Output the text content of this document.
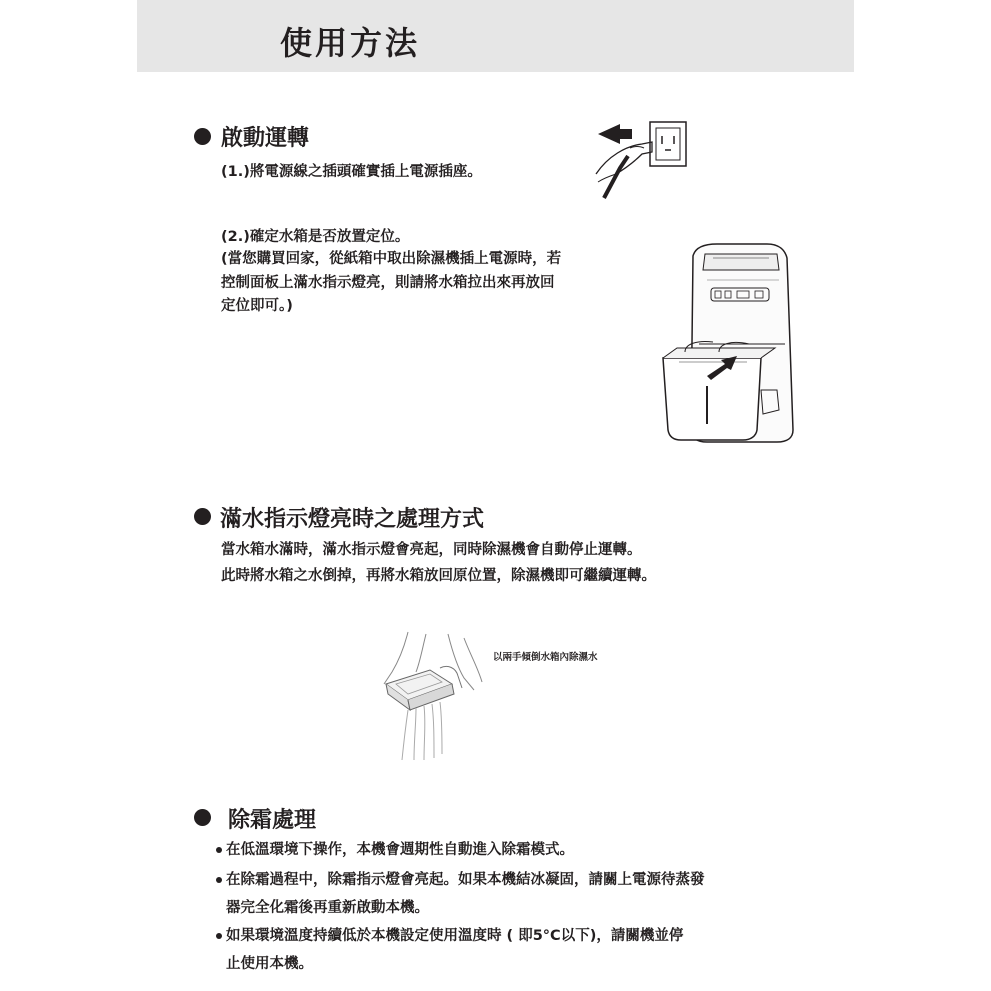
使用方法
啟動運轉
(1.)將電源線之插頭確實插上電源插座。
(2.)確定水箱是否放置定位。
(當您購買回家，從紙箱中取出除濕機插上電源時，若
控制面板上滿水指示燈亮，則請將水箱拉出來再放回
定位即可。)
滿水指示燈亮時之處理方式
當水箱水滿時，滿水指示燈會亮起，同時除濕機會自動停止運轉。
此時將水箱之水倒掉，再將水箱放回原位置，除濕機即可繼續運轉。
以兩手傾倒水箱內除濕水
除霜處理
在低溫環境下操作，本機會週期性自動進入除霜模式。
在除霜過程中，除霜指示燈會亮起。如果本機結冰凝固，請關上電源待蒸發
器完全化霜後再重新啟動本機。
如果環境溫度持續低於本機設定使用溫度時 ( 即5°C以下)，請關機並停
止使用本機。
